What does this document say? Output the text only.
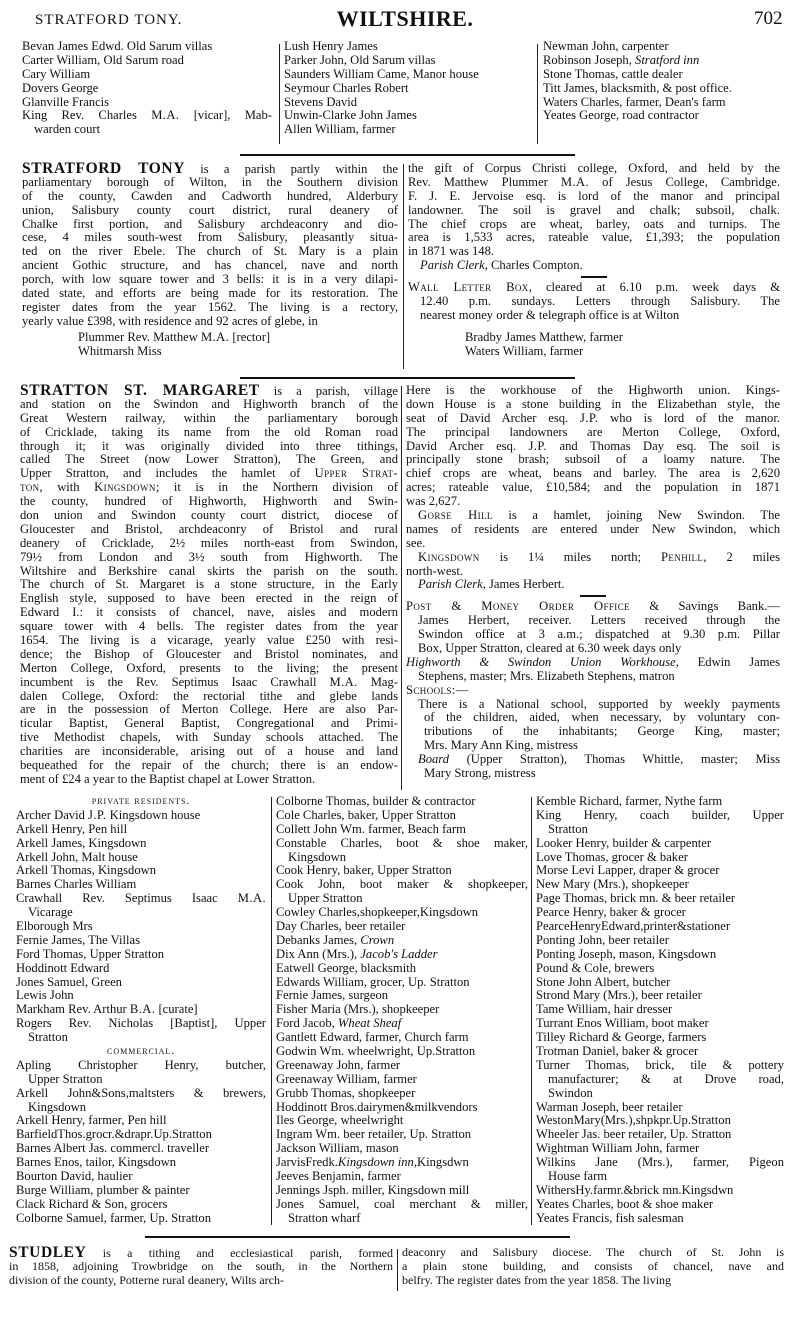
STRATFORD TONY.	WILTSHIRE.	702
Bevan James Edwd. Old Sarum villas
Carter William, Old Sarum road
Cary William
Dovers George
Glanville Francis
King Rev. Charles M.A. [vicar], Mab-
warden court
Lush Henry James
Parker John, Old Sarum villas
Saunders William Came, Manor house
Seymour Charles Robert
Stevens David
Unwin-Clarke John James
Allen William, farmer
Newman John, carpenter
Robinson Joseph, Stratford inn
Stone Thomas, cattle dealer
Titt James, blacksmith, & post office.
Waters Charles, farmer, Dean's farm
Yeates George, road contractor
STRATFORD TONY is a parish partly within the
parliamentary borough of Wilton, in the Southern division
of the county, Cawden and Cadworth hundred, Alderbury
union, Salisbury county court district, rural deanery of
Chalke first portion, and Salisbury archdeaconry and dio-
cese, 4 miles south-west from Salisbury, pleasantly situa-
ted on the river Ebele. The church of St. Mary is a plain
ancient Gothic structure, and has chancel, nave and north
porch, with low square tower and 3 bells: it is in a very dilapi-
dated state, and efforts are being made for its restoration. The
register dates from the year 1562. The living is a rectory,
yearly value £398, with residence and 92 acres of glebe, in
the gift of Corpus Christi college, Oxford, and held by the
Rev. Matthew Plummer M.A. of Jesus College, Cambridge.
F. J. E. Jervoise esq. is lord of the manor and principal
landowner. The soil is gravel and chalk; subsoil, chalk.
The chief crops are wheat, barley, oats and turnips. The
area is 1,533 acres, rateable value, £1,393; the population
in 1871 was 148.
Parish Clerk, Charles Compton.
Wall Letter Box, cleared at 6.10 p.m. week days &
12.40 p.m. sundays. Letters through Salisbury. The
nearest money order & telegraph office is at Wilton
Plummer Rev. Matthew M.A. [rector]
Whitmarsh Miss
Bradby James Matthew, farmer
Waters William, farmer
STRATTON ST. MARGARET is a parish, village
and station on the Swindon and Highworth branch of the
Great Western railway, within the parliamentary borough
of Cricklade, taking its name from the old Roman road
through it; it was originally divided into three tithings,
called The Street (now Lower Stratton), The Green, and
Upper Stratton, and includes the hamlet of Upper Strat-
ton, with Kingsdown; it is in the Northern division of
the county, hundred of Highworth, Highworth and Swin-
don union and Swindon county court district, diocese of
Gloucester and Bristol, archdeaconry of Bristol and rural
deanery of Cricklade, 2½ miles north-east from Swindon,
79½ from London and 3½ south from Highworth. The
Wiltshire and Berkshire canal skirts the parish on the south.
The church of St. Margaret is a stone structure, in the Early
English style, supposed to have been erected in the reign of
Edward I.: it consists of chancel, nave, aisles and modern
square tower with 4 bells. The register dates from the year
1654. The living is a vicarage, yearly value £250 with resi-
dence; the Bishop of Gloucester and Bristol nominates, and
Merton College, Oxford, presents to the living; the present
incumbent is the Rev. Septimus Isaac Crawhall M.A. Mag-
dalen College, Oxford: the rectorial tithe and glebe lands
are in the possession of Merton College. Here are also Par-
ticular Baptist, General Baptist, Congregational and Primi-
tive Methodist chapels, with Sunday schools attached. The
charities are inconsiderable, arising out of a house and land
bequeathed for the repair of the church; there is an endow-
ment of £24 a year to the Baptist chapel at Lower Stratton.
Here is the workhouse of the Highworth union. Kings-
down House is a stone building in the Elizabethan style, the
seat of David Archer esq. J.P. who is lord of the manor.
The principal landowners are Merton College, Oxford,
David Archer esq. J.P. and Thomas Day esq. The soil is
principally stone brash; subsoil of a loamy nature. The
chief crops are wheat, beans and barley. The area is 2,620
acres; rateable value, £10,584; and the population in 1871
was 2,627.
Gorse Hill is a hamlet, joining New Swindon. The
names of residents are entered under New Swindon, which
see.
Kingsdown is 1¼ miles north; Penhill, 2 miles
north-west.
Parish Clerk, James Herbert.
Post & Money Order Office & Savings Bank.—
James Herbert, receiver. Letters received through the
Swindon office at 3 a.m.; dispatched at 9.30 p.m. Pillar
Box, Upper Stratton, cleared at 6.30 week days only
Highworth & Swindon Union Workhouse, Edwin James
Stephens, master; Mrs. Elizabeth Stephens, matron
Schools:—
There is a National school, supported by weekly payments
of the children, aided, when necessary, by voluntary con-
tributions of the inhabitants; George King, master;
Mrs. Mary Ann King, mistress
Board (Upper Stratton), Thomas Whittle, master; Miss
Mary Strong, mistress
private residents.
Archer David J.P. Kingsdown house
Arkell Henry, Pen hill
Arkell James, Kingsdown
Arkell John, Malt house
Arkell Thomas, Kingsdown
Barnes Charles William
Crawhall Rev. Septimus Isaac M.A.
Vicarage
Elborough Mrs
Fernie James, The Villas
Ford Thomas, Upper Stratton
Hoddinott Edward
Jones Samuel, Green
Lewis John
Markham Rev. Arthur B.A. [curate]
Rogers Rev. Nicholas [Baptist], Upper
Stratton
commercial.
Apling Christopher Henry, butcher,
Upper Stratton
Arkell John&Sons,maltsters & brewers,
Kingsdown
Arkell Henry, farmer, Pen hill
BarfieldThos.grocr.&drapr.Up.Stratton
Barnes Albert Jas. commercl. traveller
Barnes Enos, tailor, Kingsdown
Bourton David, haulier
Burge William, plumber & painter
Clack Richard & Son, grocers
Colborne Samuel, farmer, Up. Stratton
Colborne Thomas, builder & contractor
Cole Charles, baker, Upper Stratton
Collett John Wm. farmer, Beach farm
Constable Charles, boot & shoe maker,
Kingsdown
Cook Henry, baker, Upper Stratton
Cook John, boot maker & shopkeeper,
Upper Stratton
Cowley Charles,shopkeeper,Kingsdown
Day Charles, beer retailer
Debanks James, Crown
Dix Ann (Mrs.), Jacob's Ladder
Eatwell George, blacksmith
Edwards William, grocer, Up. Stratton
Fernie James, surgeon
Fisher Maria (Mrs.), shopkeeper
Ford Jacob, Wheat Sheaf
Gantlett Edward, farmer, Church farm
Godwin Wm. wheelwright, Up.Stratton
Greenaway John, farmer
Greenaway William, farmer
Grubb Thomas, shopkeeper
Hoddinott Bros.dairymen&milkvendors
Iles George, wheelwright
Ingram Wm. beer retailer, Up. Stratton
Jackson William, mason
JarvisFredk.Kingsdown inn,Kingsdwn
Jeeves Benjamin, farmer
Jennings Jsph. miller, Kingsdown mill
Jones Samuel, coal merchant & miller,
Stratton wharf
Kemble Richard, farmer, Nythe farm
King Henry, coach builder, Upper
Stratton
Looker Henry, builder & carpenter
Love Thomas, grocer & baker
Morse Levi Lapper, draper & grocer
New Mary (Mrs.), shopkeeper
Page Thomas, brick mn. & beer retailer
Pearce Henry, baker & grocer
PearceHenryEdward,printer&stationer
Ponting John, beer retailer
Ponting Joseph, mason, Kingsdown
Pound & Cole, brewers
Stone John Albert, butcher
Strond Mary (Mrs.), beer retailer
Tame William, hair dresser
Turrant Enos William, boot maker
Tilley Richard & George, farmers
Trotman Daniel, baker & grocer
Turner Thomas, brick, tile & pottery
manufacturer; & at Drove road,
Swindon
Warman Joseph, beer retailer
WestonMary(Mrs.),shpkpr.Up.Stratton
Wheeler Jas. beer retailer, Up. Stratton
Wightman William John, farmer
Wilkins Jane (Mrs.), farmer, Pigeon
House farm
WithersHy.farmr.&brick mn.Kingsdwn
Yeates Charles, boot & shoe maker
Yeates Francis, fish salesman
STUDLEY is a tithing and ecclesiastical parish, formed
in 1858, adjoining Trowbridge on the south, in the Northern
division of the county, Potterne rural deanery, Wilts arch-
deaconry and Salisbury diocese. The church of St. John is
a plain stone building, and consists of chancel, nave and
belfry. The register dates from the year 1858. The living
